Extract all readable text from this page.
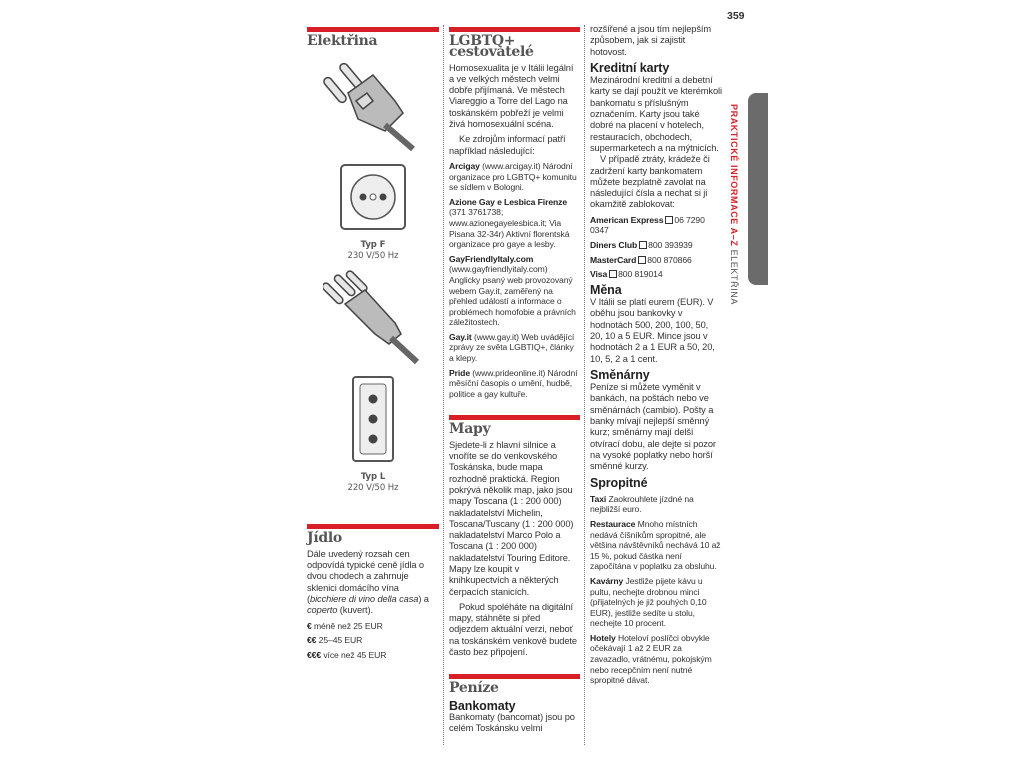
359
PRAKTICKÉ INFORMACE A–Z ELEKTŘINA
Elektřina
Typ F
230 V/50 Hz
Typ L
220 V/50 Hz
Jídlo

Dále uvedený rozsah cen odpovídá typické ceně jídla o dvou chodech a zahrnuje sklenici domácího vína (bicchiere di vino della casa) a coperto (kuvert).

€ méně než 25 EUR

€€ 25–45 EUR

€€€ více než 45 EUR

LGBTQ+ cestovatelé

Homosexualita je v Itálii legální a ve velkých městech velmi dobře přijímaná. Ve městech Viareggio a Torre del Lago na toskánském pobřeží je velmi živá homosexuální scéna.

Ke zdrojům informací patří například následující:

Arcigay (www.arcigay.it) Národní organizace pro LGBTQ+ komunitu se sídlem v Bologni.

Azione Gay e Lesbica Firenze (371 3761738; www.azionegayelesbica.it; Via Pisana 32-34r) Aktivní florentská organizace pro gaye a lesby.

GayFriendlyItaly.com (www.gayfriendlyitaly.com) Anglicky psaný web provozovaný webem Gay.it, zaměřený na přehled událostí a informace o problémech homofobie a právních záležitostech.

Gay.it (www.gay.it) Web uvádějící zprávy ze světa LGBTIQ+, články a klepy.

Pride (www.prideonline.it) Národní měsíční časopis o umění, hudbě, politice a gay kultuře.

Mapy

Sjedete-li z hlavní silnice a vnoříte se do venkovského Toskánska, bude mapa rozhodně praktická. Region pokrývá několik map, jako jsou mapy Toscana (1 : 200 000) nakladatelství Michelin, Toscana/Tuscany (1 : 200 000) nakladatelství Marco Polo a Toscana (1 : 200 000) nakladatelství Touring Editore. Mapy lze koupit v knihkupectvích a některých čerpacích stanicích.

Pokud spoléháte na digitální mapy, stáhněte si před odjezdem aktuální verzi, neboť na toskánském venkově budete často bez připojení.

Peníze
Bankomaty

Bankomaty (bancomat) jsou po celém Toskánsku velmi

rozšířené a jsou tím nejlepším způsobem, jak si zajistit hotovost.

Kreditní karty

Mezinárodní kreditní a debetní karty se dají použít ve kterémkoli bankomatu s příslušným označením. Karty jsou také dobré na placení v hotelech, restauracích, obchodech, supermarketech a na mýtnicích.

V případě ztráty, krádeže či zadržení karty bankomatem můžete bezplatně zavolat na následující čísla a nechat si ji okamžitě zablokovat:

American Express 06 7290 0347

Diners Club 800 393939

MasterCard 800 870866

Visa 800 819014

Měna

V Itálii se platí eurem (EUR). V oběhu jsou bankovky v hodnotách 500, 200, 100, 50, 20, 10 a 5 EUR. Mince jsou v hodnotách 2 a 1 EUR a 50, 20, 10, 5, 2 a 1 cent.

Směnárny

Peníze si můžete vyměnit v bankách, na poštách nebo ve směnárnách (cambio). Pošty a banky mívají nejlepší směnný kurz; směnárny mají delší otvírací dobu, ale dejte si pozor na vysoké poplatky nebo horší směnné kurzy.

Spropitné

Taxi Zaokrouhlete jízdné na nejbližší euro.

Restaurace Mnoho místních nedává číšníkům spropitné, ale většina návštěvníků nechává 10 až 15 %, pokud částka není započítána v poplatku za obsluhu.

Kavárny Jestliže pijete kávu u pultu, nechejte drobnou minci (přijatelných je již pouhých 0,10 EUR), jestliže sedíte u stolu, nechejte 10 procent.

Hotely Hoteloví poslíčci obvykle očekávají 1 až 2 EUR za zavazadlo, vrátnému, pokojským nebo recepčním není nutné spropitné dávat.
